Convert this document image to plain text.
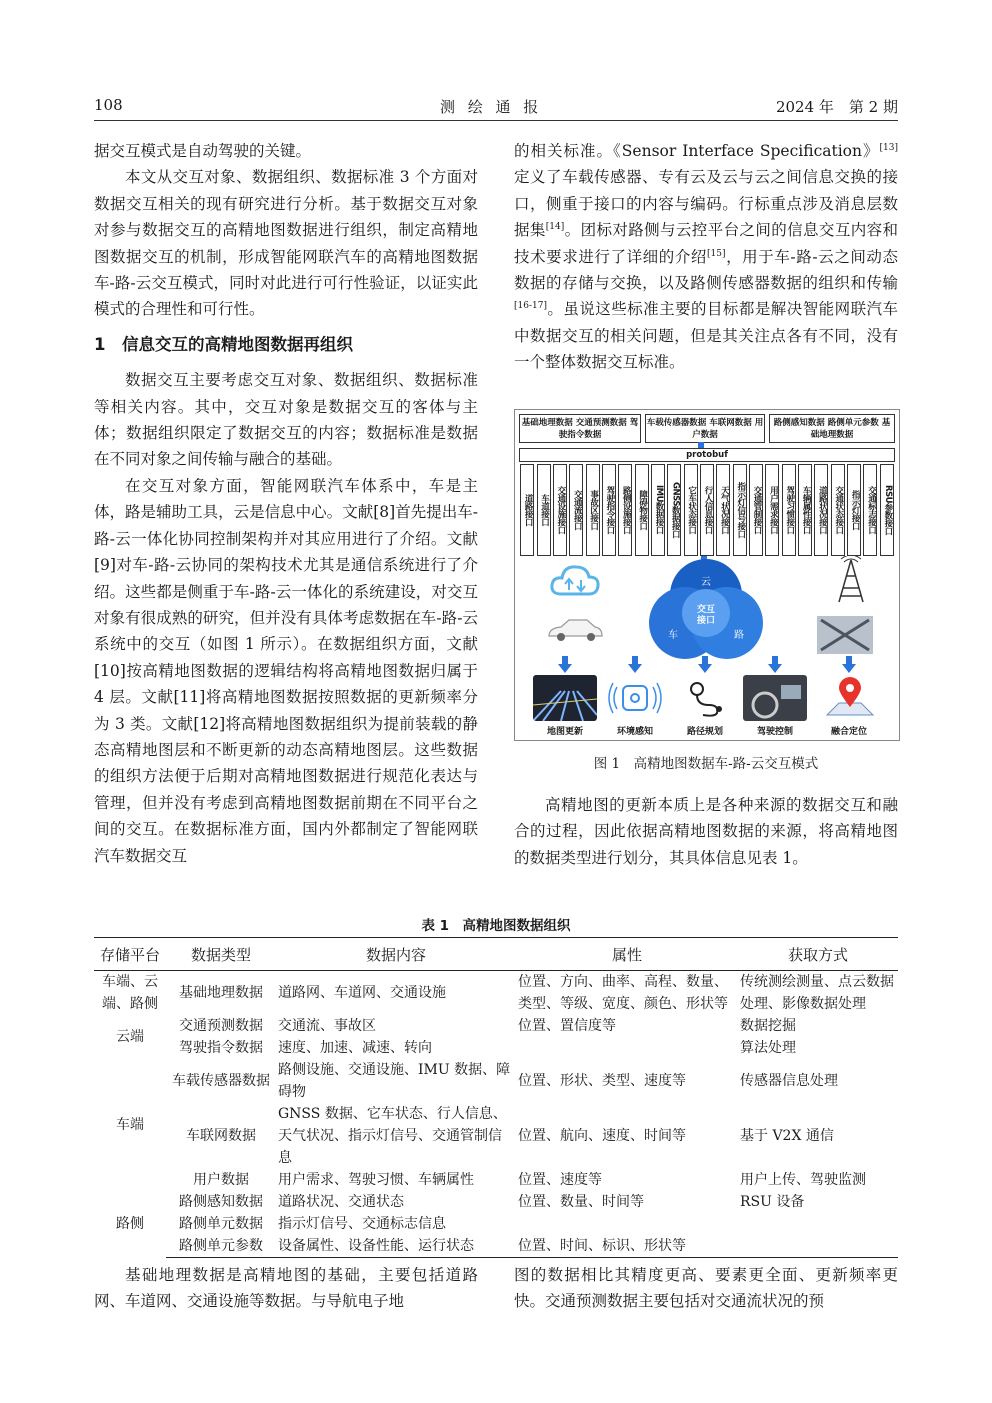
108	测 绘 通 报	2024 年　第 2 期

据交互模式是自动驾驶的关键。

本文从交互对象、数据组织、数据标准 3 个方面对数据交互相关的现有研究进行分析。基于数据交互对象对参与数据交互的高精地图数据进行组织，制定高精地图数据交互的机制，形成智能网联汽车的高精地图数据车-路-云交互模式，同时对此进行可行性验证，以证实此模式的合理性和可行性。

1　信息交互的高精地图数据再组织

数据交互主要考虑交互对象、数据组织、数据标准等相关内容。其中，交互对象是数据交互的客体与主体；数据组织限定了数据交互的内容；数据标准是数据在不同对象之间传输与融合的基础。

在交互对象方面，智能网联汽车体系中，车是主体，路是辅助工具，云是信息中心。文献[8]首先提出车-路-云一体化协同控制架构并对其应用进行了介绍。文献[9]对车-路-云协同的架构技术尤其是通信系统进行了介绍。这些都是侧重于车-路-云一体化的系统建设，对交互对象有很成熟的研究，但并没有具体考虑数据在车-路-云系统中的交互（如图 1 所示）。在数据组织方面，文献[10]按高精地图数据的逻辑结构将高精地图数据归属于 4 层。文献[11]将高精地图数据按照数据的更新频率分为 3 类。文献[12]将高精地图数据组织为提前装载的静态高精地图层和不断更新的动态高精地图层。这些数据的组织方法便于后期对高精地图数据进行规范化表达与管理，但并没有考虑到高精地图数据前期在不同平台之间的交互。在数据标准方面，国内外都制定了智能网联汽车数据交互

的相关标准。《Sensor Interface Specification》[13]定义了车载传感器、专有云及云与云之间信息交换的接口，侧重于接口的内容与编码。行标重点涉及消息层数据集[14]。团标对路侧与云控平台之间的信息交互内容和技术要求进行了详细的介绍[15]，用于车-路-云之间动态数据的存储与交换，以及路侧传感器数据的组织和传输[16-17]。虽说这些标准主要的目标都是解决智能网联汽车中数据交互的相关问题，但是其关注点各有不同，没有一个整体数据交互标准。

基础地理数据 交通预测数据 驾驶指令数据
车载传感器数据 车联网数据 用户数据
路侧感知数据 路侧单元参数 基础地理数据
protobuf
道路接口 车道接口 交通设施接口 交通流接口 事故区接口 驾驶指令接口 路侧设施接口 障碍物接口 IMU数据接口 GNSS数据接口 它车状态接口 行人信息接口 天气状况接口 指示灯信号接口 交通管制接口 用户需求接口 驾驶习惯接口 车辆属性接口 道路状况接口 交通状态接口 指示灯接口 交通标志接口 RSU参数接口
云
车	路
交互
接口
地图更新	环境感知	路径规划	驾驶控制	融合定位
图 1　高精地图数据车-路-云交互模式

高精地图的更新本质上是各种来源的数据交互和融合的过程，因此依据高精地图数据的来源，将高精地图的数据类型进行划分，其具体信息见表 1。

表 1　高精地图数据组织
存储平台	数据类型	数据内容	属性	获取方式
车端、云端、路侧	基础地理数据	道路网、车道网、交通设施	位置、方向、曲率、高程、数量、类型、等级、宽度、颜色、形状等	传统测绘测量、点云数据处理、影像数据处理
云端	交通预测数据	交通流、事故区	位置、置信度等	数据挖掘
	驾驶指令数据	速度、加速、减速、转向		算法处理
车端	车载传感器数据	路侧设施、交通设施、IMU 数据、障碍物	位置、形状、类型、速度等	传感器信息处理
	车联网数据	GNSS 数据、它车状态、行人信息、天气状况、指示灯信号、交通管制信息	位置、航向、速度、时间等	基于 V2X 通信
	用户数据	用户需求、驾驶习惯、车辆属性	位置、速度等	用户上传、驾驶监测
路侧	路侧感知数据	道路状况、交通状态	位置、数量、时间等	RSU 设备
	路侧单元数据	指示灯信号、交通标志信息		
	路侧单元参数	设备属性、设备性能、运行状态	位置、时间、标识、形状等	

基础地理数据是高精地图的基础，主要包括道路网、车道网、交通设施等数据。与导航电子地

图的数据相比其精度更高、要素更全面、更新频率更快。交通预测数据主要包括对交通流状况的预
